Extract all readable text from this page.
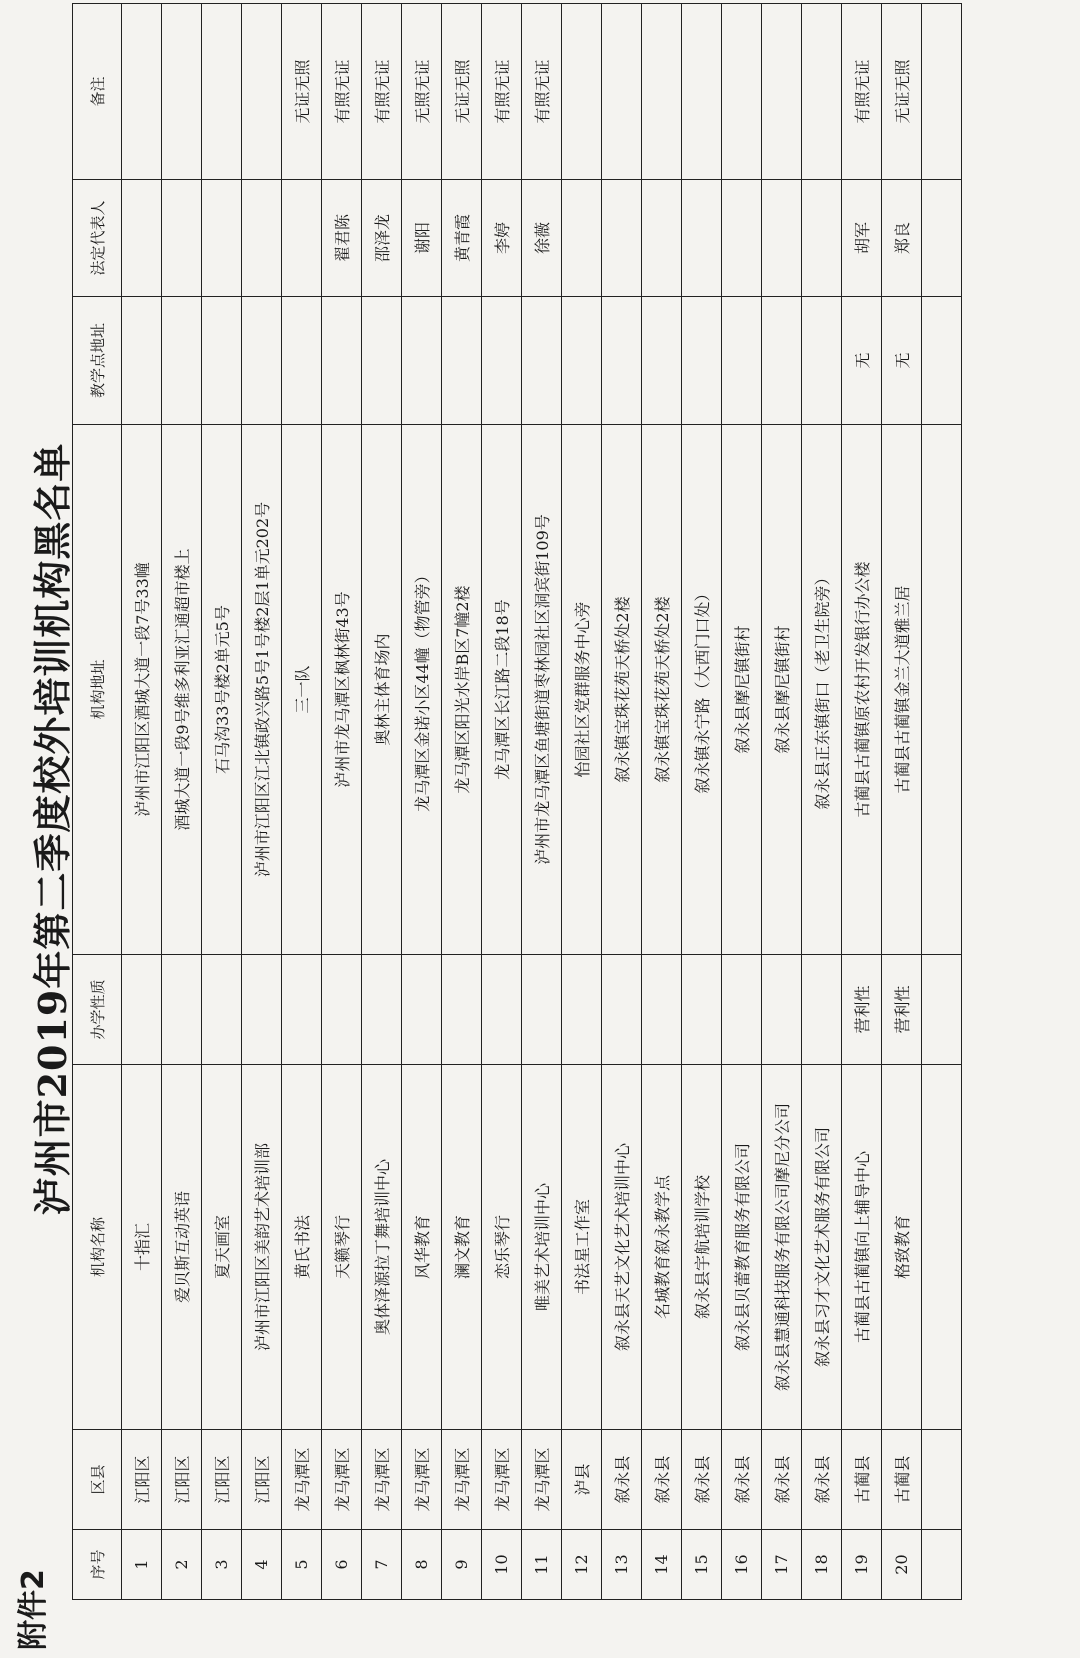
附件2
泸州市2019年第二季度校外培训机构黑名单
序号	区县	机构名称	办学性质	机构地址	教学点地址	法定代表人	备注
1	江阳区	十指汇		泸州市江阳区酒城大道一段7号33幢			
2	江阳区	爱贝斯互动英语		酒城大道一段9号维多利亚汇通超市楼上			
3	江阳区	夏天画室		石马沟33号楼2单元5号			
4	江阳区	泸州市江阳区美韵艺术培训部		泸州市江阳区江北镇政兴路5号1号楼2层1单元202号			
5	龙马潭区	黄氏书法		三一队			无证无照
6	龙马潭区	天籁琴行		泸州市龙马潭区枫林街43号		翟君陈	有照无证
7	龙马潭区	奥体泽源拉丁舞培训中心		奥林主体育场内		邵泽龙	有照无证
8	龙马潭区	风华教育		龙马潭区金诺小区44幢（物管旁）		谢阳	无照无证
9	龙马潭区	澜文教育		龙马潭区阳光水岸B区7幢2楼		黄青霞	无证无照
10	龙马潭区	恋乐琴行		龙马潭区长江路二段18号		李婷	有照无证
11	龙马潭区	唯美艺术培训中心		泸州市龙马潭区鱼塘街道枣林园社区洞宾街109号		徐薇	有照无证
12	泸县	书法星工作室		怡园社区党群服务中心旁			
13	叙永县	叙永县天艺文化艺术培训中心		叙永镇宝珠花苑天桥处2楼			
14	叙永县	名城教育叙永教学点		叙永镇宝珠花苑天桥处2楼			
15	叙永县	叙永县宇航培训学校		叙永镇永宁路（大西门口处）			
16	叙永县	叙永县贝蕾教育服务有限公司		叙永县摩尼镇街村			
17	叙永县	叙永县慧通科技服务有限公司摩尼分公司		叙永县摩尼镇街村			
18	叙永县	叙永县习才文化艺术服务有限公司		叙永县正东镇街口（老卫生院旁）			
19	古蔺县	古蔺县古蔺镇向上辅导中心	营利性	古蔺县古蔺镇原农村开发银行办公楼	无	胡军	有照无证
20	古蔺县	格致教育	营利性	古蔺县古蔺镇金兰大道雅兰居	无	郑良	无证无照
